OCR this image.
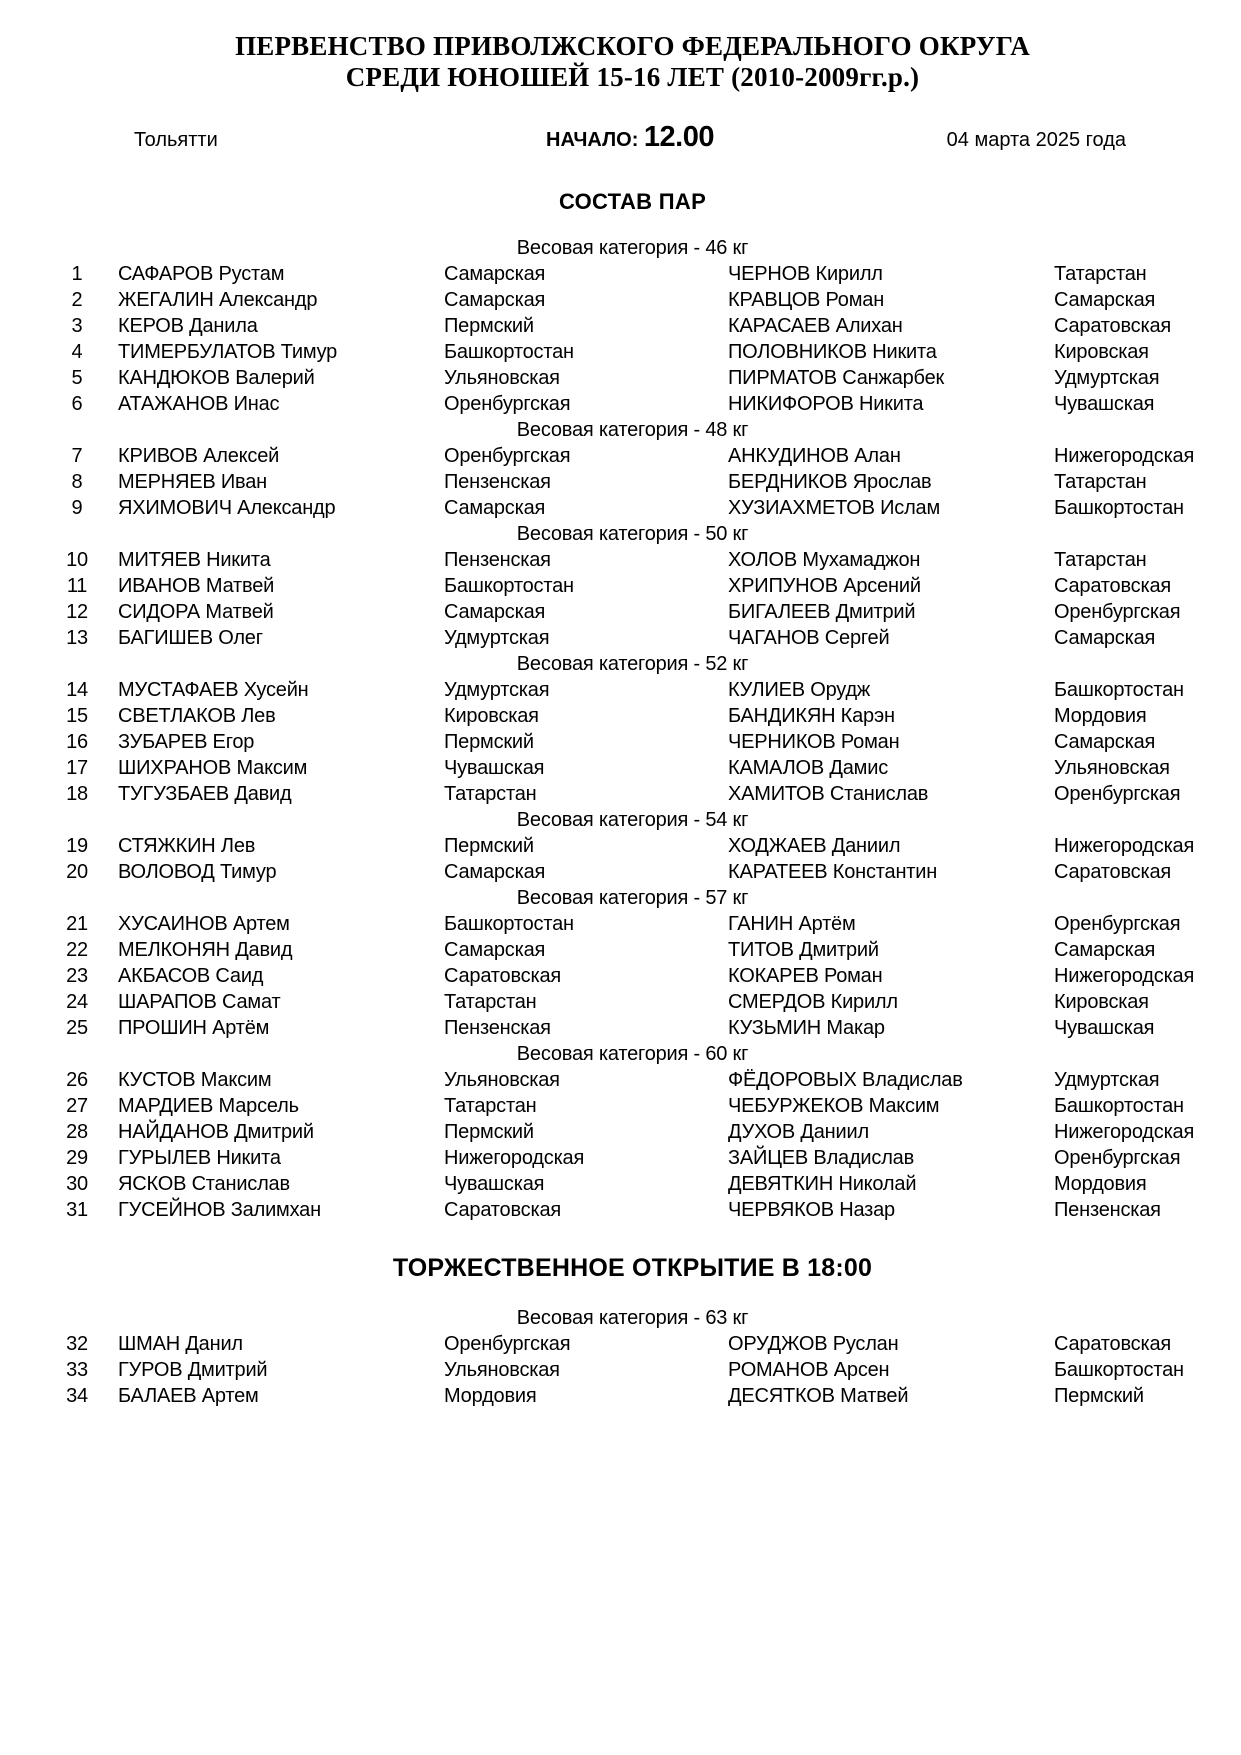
ПЕРВЕНСТВО ПРИВОЛЖСКОГО ФЕДЕРАЛЬНОГО ОКРУГА
СРЕДИ ЮНОШЕЙ 15-16 ЛЕТ (2010-2009гг.р.)
Тольятти	НАЧАЛО: 12.00	04 марта 2025 года
СОСТАВ ПАР
Весовая категория - 46 кг
1	САФАРОВ Рустам	Самарская	ЧЕРНОВ Кирилл	Татарстан
2	ЖЕГАЛИН Александр	Самарская	КРАВЦОВ Роман	Самарская
3	КЕРОВ Данила	Пермский	КАРАСАЕВ Алихан	Саратовская
4	ТИМЕРБУЛАТОВ Тимур	Башкортостан	ПОЛОВНИКОВ Никита	Кировская
5	КАНДЮКОВ Валерий	Ульяновская	ПИРМАТОВ Санжарбек	Удмуртская
6	АТАЖАНОВ Инас	Оренбургская	НИКИФОРОВ Никита	Чувашская
Весовая категория - 48 кг
7	КРИВОВ Алексей	Оренбургская	АНКУДИНОВ Алан	Нижегородская
8	МЕРНЯЕВ Иван	Пензенская	БЕРДНИКОВ Ярослав	Татарстан
9	ЯХИМОВИЧ Александр	Самарская	ХУЗИАХМЕТОВ Ислам	Башкортостан
Весовая категория - 50 кг
10	МИТЯЕВ Никита	Пензенская	ХОЛОВ Мухамаджон	Татарстан
11	ИВАНОВ Матвей	Башкортостан	ХРИПУНОВ Арсений	Саратовская
12	СИДОРА Матвей	Самарская	БИГАЛЕЕВ Дмитрий	Оренбургская
13	БАГИШЕВ Олег	Удмуртская	ЧАГАНОВ Сергей	Самарская
Весовая категория - 52 кг
14	МУСТАФАЕВ Хусейн	Удмуртская	КУЛИЕВ Орудж	Башкортостан
15	СВЕТЛАКОВ Лев	Кировская	БАНДИКЯН Карэн	Мордовия
16	ЗУБАРЕВ Егор	Пермский	ЧЕРНИКОВ Роман	Самарская
17	ШИХРАНОВ Максим	Чувашская	КАМАЛОВ Дамис	Ульяновская
18	ТУГУЗБАЕВ Давид	Татарстан	ХАМИТОВ Станислав	Оренбургская
Весовая категория - 54 кг
19	СТЯЖКИН Лев	Пермский	ХОДЖАЕВ Даниил	Нижегородская
20	ВОЛОВОД Тимур	Самарская	КАРАТЕЕВ Константин	Саратовская
Весовая категория - 57 кг
21	ХУСАИНОВ Артем	Башкортостан	ГАНИН Артём	Оренбургская
22	МЕЛКОНЯН Давид	Самарская	ТИТОВ Дмитрий	Самарская
23	АКБАСОВ Саид	Саратовская	КОКАРЕВ Роман	Нижегородская
24	ШАРАПОВ Самат	Татарстан	СМЕРДОВ Кирилл	Кировская
25	ПРОШИН Артём	Пензенская	КУЗЬМИН Макар	Чувашская
Весовая категория - 60 кг
26	КУСТОВ Максим	Ульяновская	ФЁДОРОВЫХ Владислав	Удмуртская
27	МАРДИЕВ Марсель	Татарстан	ЧЕБУРЖЕКОВ Максим	Башкортостан
28	НАЙДАНОВ Дмитрий	Пермский	ДУХОВ Даниил	Нижегородская
29	ГУРЫЛЕВ Никита	Нижегородская	ЗАЙЦЕВ Владислав	Оренбургская
30	ЯСКОВ Станислав	Чувашская	ДЕВЯТКИН Николай	Мордовия
31	ГУСЕЙНОВ Залимхан	Саратовская	ЧЕРВЯКОВ Назар	Пензенская
ТОРЖЕСТВЕННОЕ ОТКРЫТИЕ В 18:00
Весовая категория - 63 кг
32	ШМАН Данил	Оренбургская	ОРУДЖОВ Руслан	Саратовская
33	ГУРОВ Дмитрий	Ульяновская	РОМАНОВ Арсен	Башкортостан
34	БАЛАЕВ Артем	Мордовия	ДЕСЯТКОВ Матвей	Пермский
